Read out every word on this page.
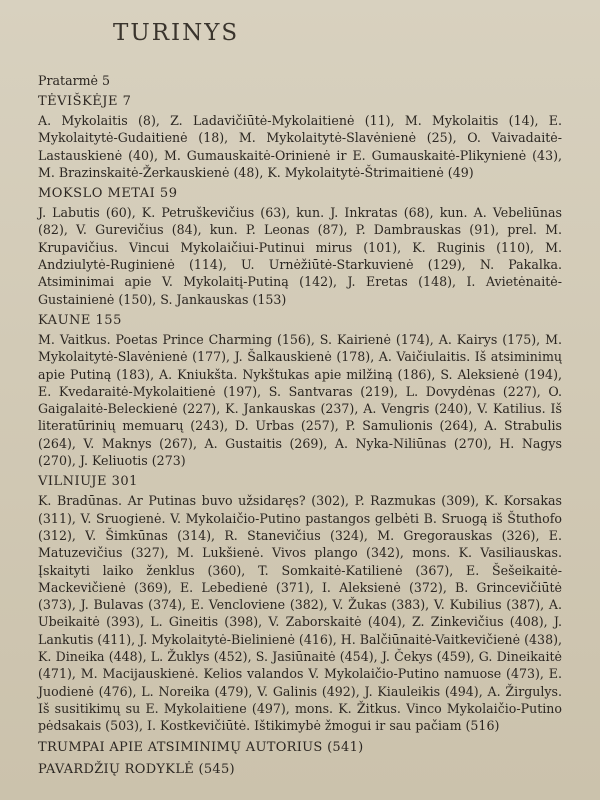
TURINYS
Pratarmė 5
TĖVIŠKĖJE 7
A. Mykolaitis (8), Z. Ladavičiūtė-Mykolaitienė (11), M. Mykolaitis (14), E. Mykolaitytė-Gudaitienė (18), M. Mykolaitytė-Slavėnienė (25), O. Vaivadaitė-Lastauskienė (40), M. Gumauskaitė-Orinienė ir E. Gumauskaitė-Plikynienė (43), M. Brazinskaitė-Žerkauskienė (48), K. Mykolaitytė-Štrimaitienė (49)
MOKSLO METAI 59
J. Labutis (60), K. Petruškevičius (63), kun. J. Inkratas (68), kun. A. Vebeliūnas (82), V. Gurevičius (84), kun. P. Leonas (87), P. Dambrauskas (91), prel. M. Krupavičius. Vincui Mykolaičiui-Putinui mirus (101), K. Ruginis (110), M. Andziulytė-Ruginienė (114), U. Urnėžiūtė-Starkuvienė (129), N. Pakalka. Atsiminimai apie V. Mykolaitį-Putiną (142), J. Eretas (148), I. Avietėnaitė-Gustainienė (150), S. Jankauskas (153)
KAUNE 155
M. Vaitkus. Poetas Prince Charming (156), S. Kairienė (174), A. Kairys (175), M. Mykolaitytė-Slavėnienė (177), J. Šalkauskienė (178), A. Vaičiulaitis. Iš atsiminimų apie Putiną (183), A. Kniukšta. Nykštukas apie milžiną (186), S. Aleksienė (194), E. Kvedaraitė-Mykolaitienė (197), S. Santvaras (219), L. Dovydėnas (227), O. Gaigalaitė-Beleckienė (227), K. Jankauskas (237), A. Vengris (240), V. Katilius. Iš literatūrinių memuarų (243), D. Urbas (257), P. Samulionis (264), A. Strabulis (264), V. Maknys (267), A. Gustaitis (269), A. Nyka-Niliūnas (270), H. Nagys (270), J. Keliuotis (273)
VILNIUJE 301
K. Bradūnas. Ar Putinas buvo užsidaręs? (302), P. Razmukas (309), K. Korsakas (311), V. Sruogienė. V. Mykolaičio-Putino pastangos gelbėti B. Sruogą iš Štuthofo (312), V. Šimkūnas (314), R. Stanevičius (324), M. Gregorauskas (326), E. Matuzevičius (327), M. Lukšienė. Vivos plango (342), mons. K. Vasiliauskas. Įskaityti laiko ženklus (360), T. Somkaitė-Katilienė (367), E. Šešeikaitė-Mackevičienė (369), E. Lebedienė (371), I. Aleksienė (372), B. Grincevičiūtė (373), J. Bulavas (374), E. Vencloviene (382), V. Žukas (383), V. Kubilius (387), A. Ubeikaitė (393), L. Gineitis (398), V. Zaborskaitė (404), Z. Zinkevičius (408), J. Lankutis (411), J. Mykolaitytė-Bielinienė (416), H. Balčiūnaitė-Vaitkevičienė (438), K. Dineika (448), L. Žuklys (452), S. Jasiūnaitė (454), J. Čekys (459), G. Dineikaitė (471), M. Macijauskienė. Kelios valandos V. Mykolaičio-Putino namuose (473), E. Juodienė (476), L. Noreika (479), V. Galinis (492), J. Kiauleikis (494), A. Žirgulys. Iš susitikimų su E. Mykolaitiene (497), mons. K. Žitkus. Vinco Mykolaičio-Putino pėdsakais (503), I. Kostkevičiūtė. Ištikimybė žmogui ir sau pačiam (516)
TRUMPAI APIE ATSIMINIMŲ AUTORIUS (541)
PAVARDŽIŲ RODYKLĖ (545)
